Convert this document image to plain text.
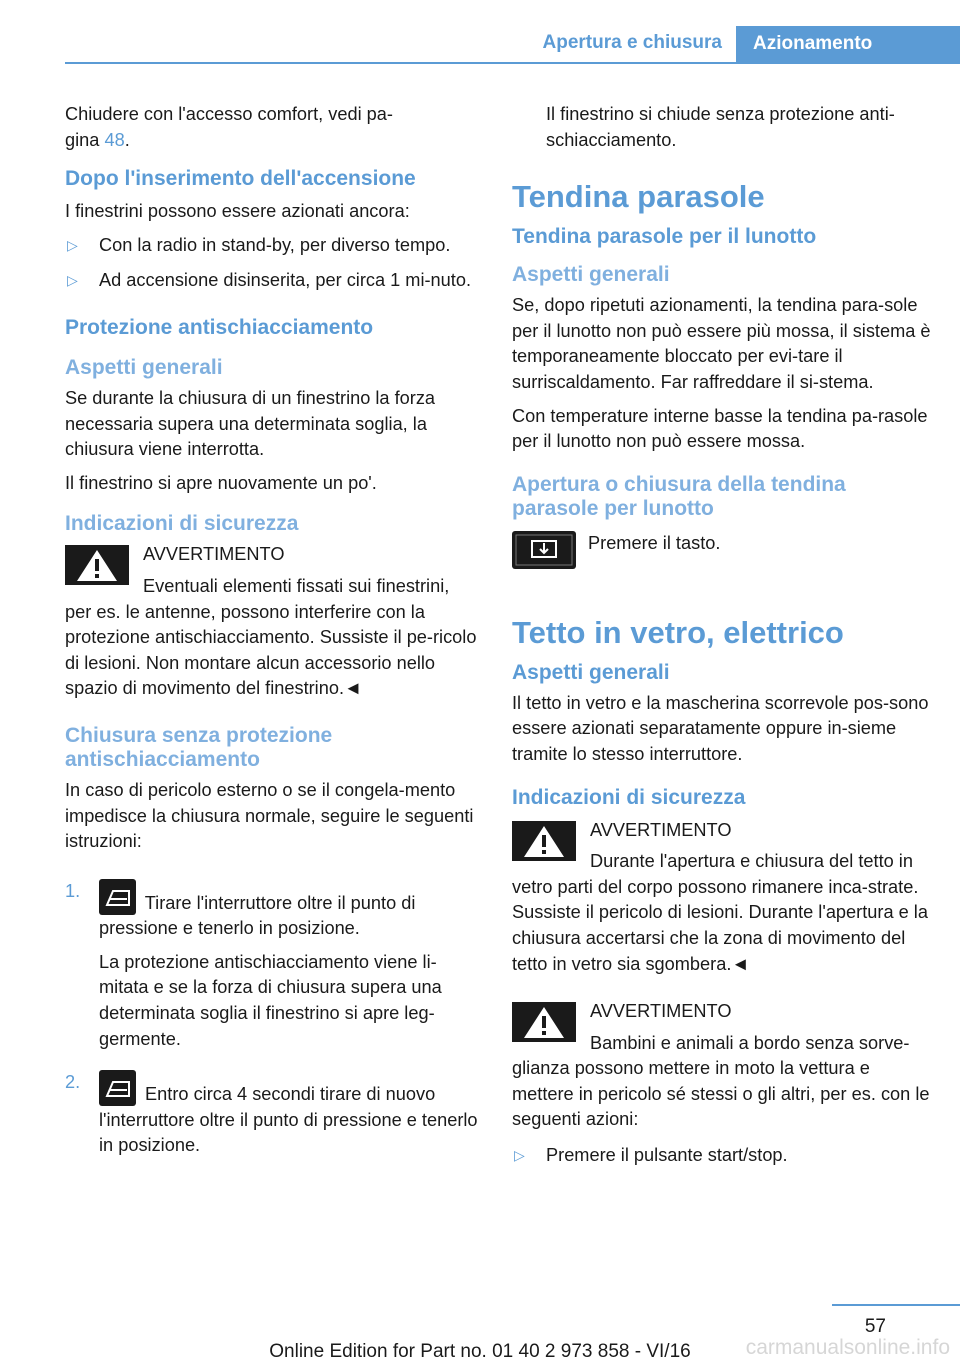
Apertura e chiusura	Azionamento

Chiudere con l'accesso comfort, vedi pa-
gina 48.

Dopo l'inserimento dell'accensione

I finestrini possono essere azionati ancora:

▷ Con la radio in stand-by, per diverso tempo.
▷ Ad accensione disinserita, per circa 1 mi-nuto.
Protezione antischiacciamento
Aspetti generali

Se durante la chiusura di un finestrino la forza necessaria supera una determinata soglia, la chiusura viene interrotta.

Il finestrino si apre nuovamente un po'.

Indicazioni di sicurezza
AVVERTIMENTO
Eventuali elementi fissati sui finestrini,

per es. le antenne, possono interferire con la protezione antischiacciamento. Sussiste il pe-ricolo di lesioni. Non montare alcun accessorio nello spazio di movimento del finestrino.◄

Chiusura senza protezione antischiacciamento

In caso di pericolo esterno o se il congela-mento impedisce la chiusura normale, seguire le seguenti istruzioni:

1.
Tirare l'interruttore oltre il punto di pressione e tenerlo in posizione.

La protezione antischiacciamento viene li-mitata e se la forza di chiusura supera una determinata soglia il finestrino si apre leg-germente.

2.
Entro circa 4 secondi tirare di nuovo l'interruttore oltre il punto di pressione e tenerlo in posizione.

Il finestrino si chiude senza protezione anti-schiacciamento.

Tendina parasole
Tendina parasole per il lunotto
Aspetti generali

Se, dopo ripetuti azionamenti, la tendina para-sole per il lunotto non può essere più mossa, il sistema è temporaneamente bloccato per evi-tare il surriscaldamento. Far raffreddare il si-stema.

Con temperature interne basse la tendina pa-rasole per il lunotto non può essere mossa.

Apertura o chiusura della tendina parasole per lunotto
Premere il tasto.
Tetto in vetro, elettrico
Aspetti generali

Il tetto in vetro e la mascherina scorrevole pos-sono essere azionati separatamente oppure in-sieme tramite lo stesso interruttore.

Indicazioni di sicurezza
AVVERTIMENTO
Durante l'apertura e chiusura del tetto in

vetro parti del corpo possono rimanere inca-strate. Sussiste il pericolo di lesioni. Durante l'apertura e la chiusura accertarsi che la zona di movimento del tetto in vetro sia sgombera.◄

AVVERTIMENTO
Bambini e animali a bordo senza sorve-

glianza possono mettere in moto la vettura e mettere in pericolo sé stessi o gli altri, per es. con le seguenti azioni:

▷ Premere il pulsante start/stop.
57
Online Edition for Part no. 01 40 2 973 858 - VI/16	carmanualsonline.info
